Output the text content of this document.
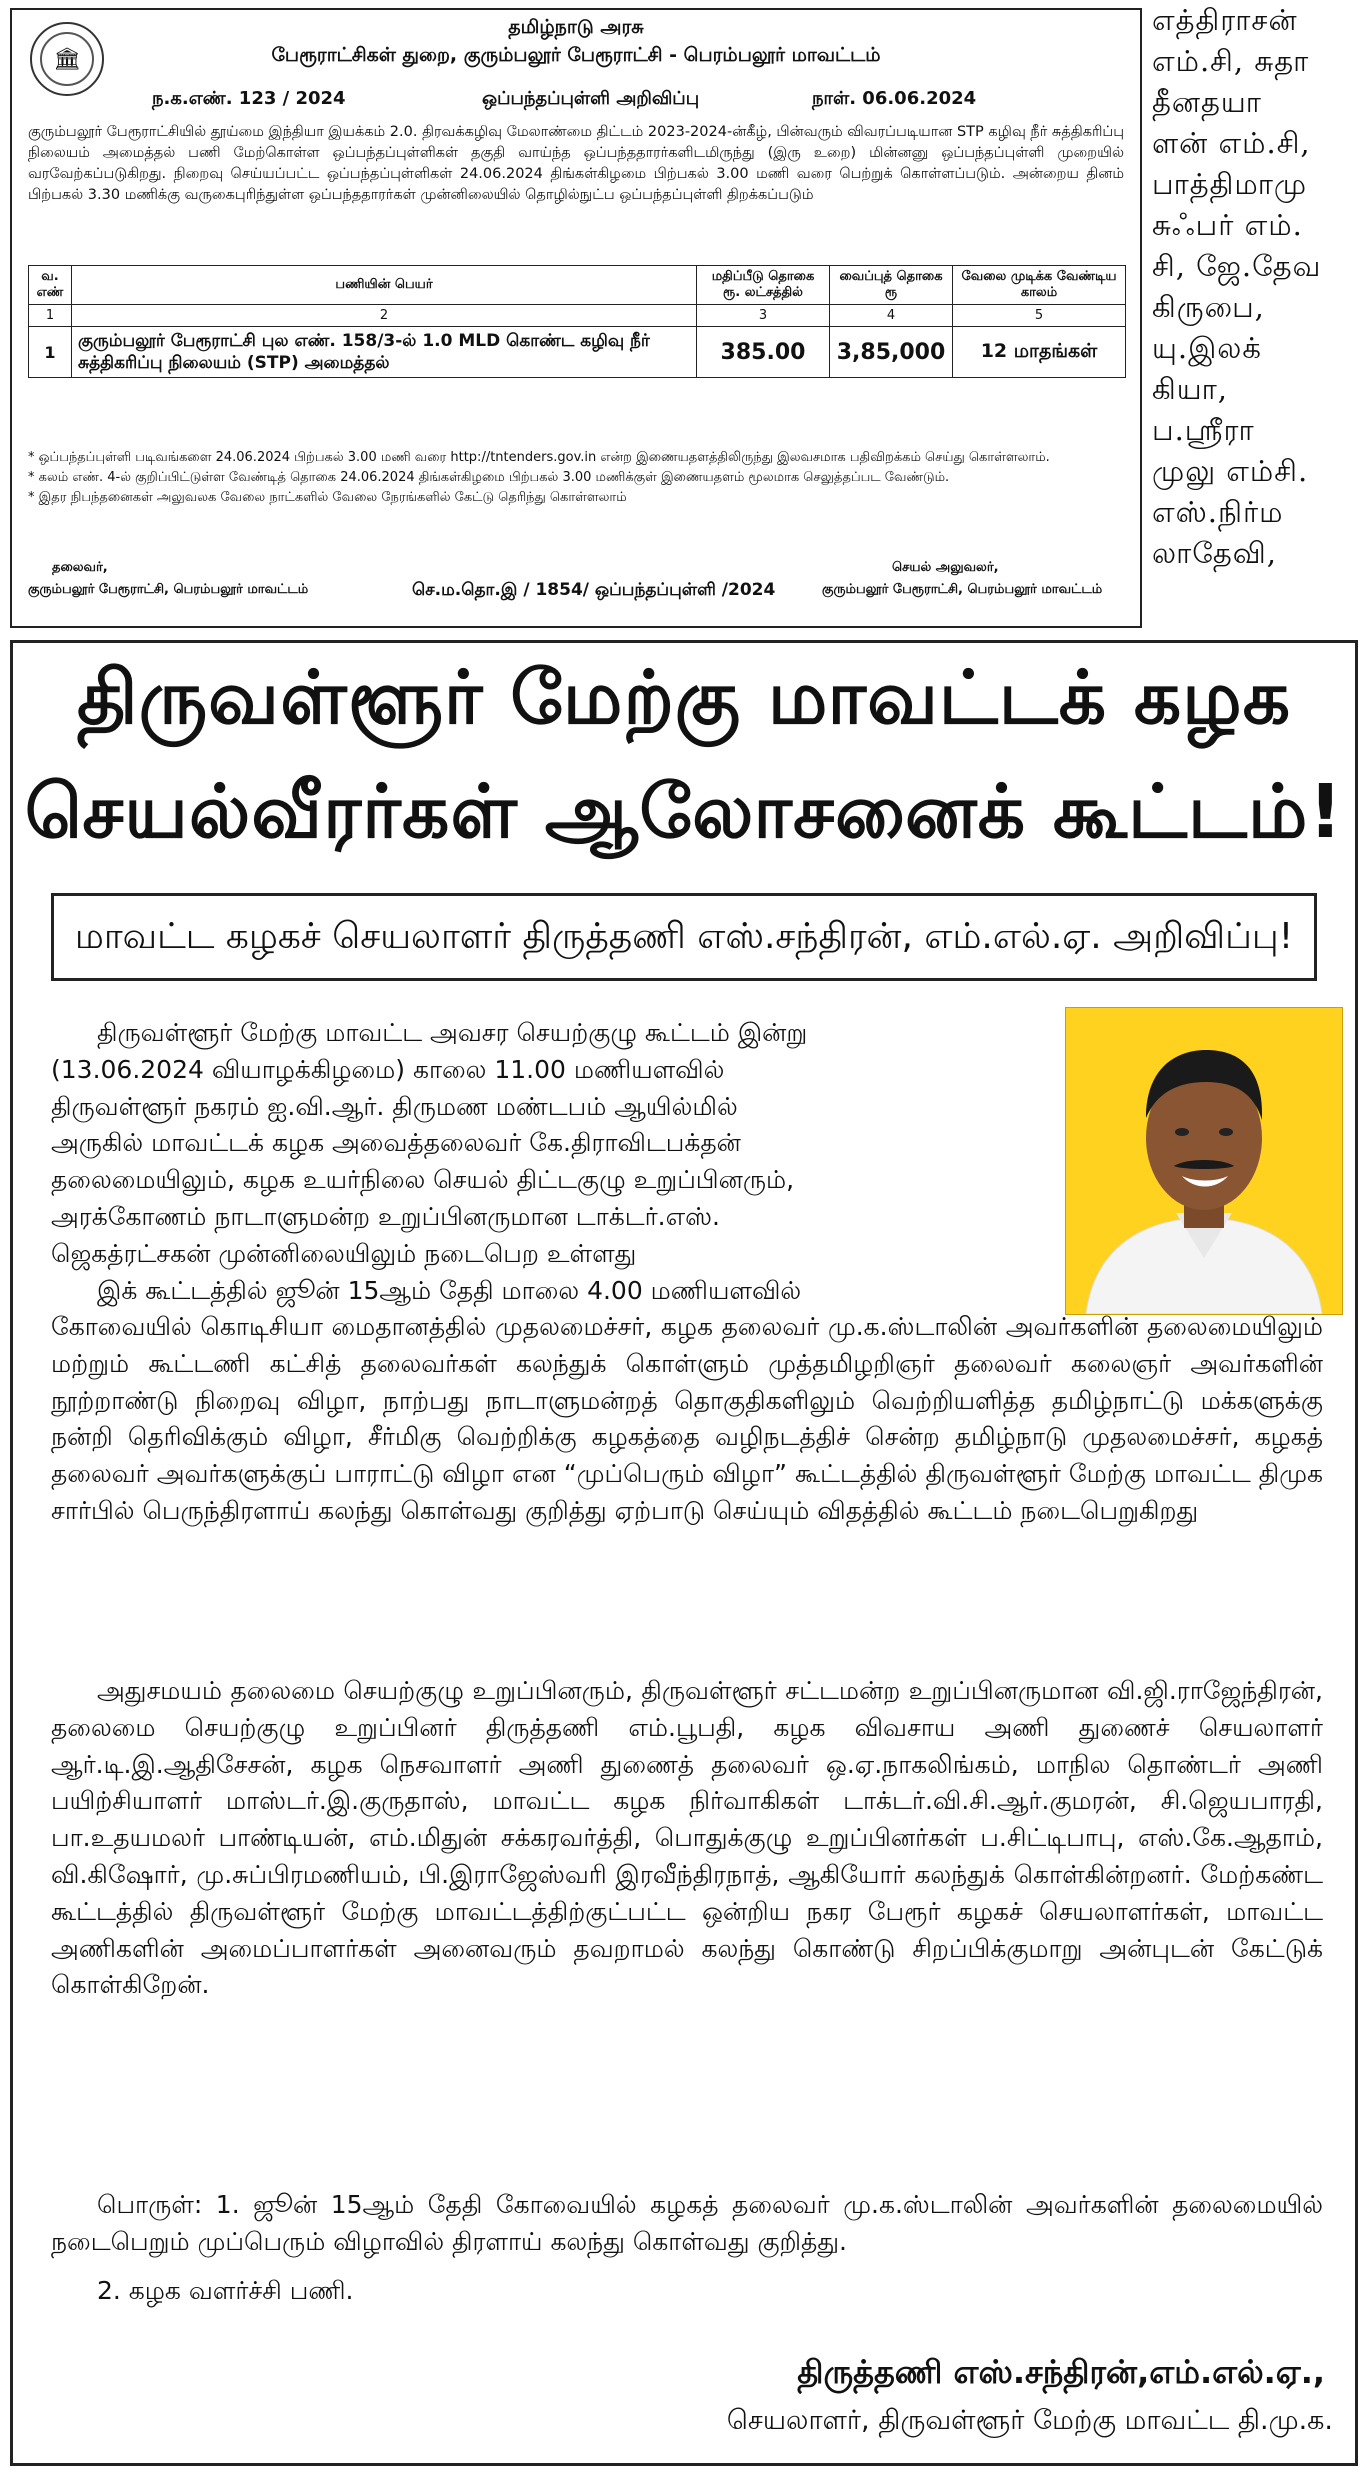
🏛
தமிழ்நாடு அரசு
பேரூராட்சிகள் துறை, குரும்பலூர் பேரூராட்சி - பெரம்பலூர் மாவட்டம்
ந.க.எண். 123 / 2024	ஒப்பந்தப்புள்ளி அறிவிப்பு	நாள். 06.06.2024
குரும்பலூர் பேரூராட்சியில் தூய்மை இந்தியா இயக்கம் 2.0. திரவக்கழிவு மேலாண்மை திட்டம் 2023-2024-ன்கீழ், பின்வரும் விவரப்படியான STP கழிவு நீர் சுத்திகரிப்பு நிலையம் அமைத்தல் பணி மேற்கொள்ள ஒப்பந்தப்புள்ளிகள் தகுதி வாய்ந்த ஒப்பந்ததாரர்களிடமிருந்து (இரு உறை) மின்னனு ஒப்பந்தப்புள்ளி முறையில் வரவேற்கப்படுகிறது. நிறைவு செய்யப்பட்ட ஒப்பந்தப்புள்ளிகள் 24.06.2024 திங்கள்கிழமை பிற்பகல் 3.00 மணி வரை பெற்றுக் கொள்ளப்படும். அன்றைய தினம் பிற்பகல் 3.30 மணிக்கு வருகைபுரிந்துள்ள ஒப்பந்ததாரர்கள் முன்னிலையில் தொழில்நுட்ப ஒப்பந்தப்புள்ளி திறக்கப்படும்
வ. எண்	பணியின் பெயர்	மதிப்பீடு தொகை ரூ. லட்சத்தில்	வைப்புத் தொகை ரூ	வேலை முடிக்க வேண்டிய காலம்
1	2	3	4	5
1	குரும்பலூர் பேரூராட்சி புல எண். 158/3-ல் 1.0 MLD கொண்ட கழிவு நீர் சுத்திகரிப்பு நிலையம் (STP) அமைத்தல்	385.00	3,85,000	12 மாதங்கள்
* ஒப்பந்தப்புள்ளி படிவங்களை 24.06.2024 பிற்பகல் 3.00 மணி வரை http://tntenders.gov.in என்ற இணையதளத்திலிருந்து இலவசமாக பதிவிறக்கம் செய்து கொள்ளலாம்.
* கலம் எண். 4-ல் குறிப்பிட்டுள்ள வேண்டித் தொகை 24.06.2024 திங்கள்கிழமை பிற்பகல் 3.00 மணிக்குள் இணையதளம் மூலமாக செலுத்தப்பட வேண்டும்.
* இதர நிபந்தனைகள் அலுவலக வேலை நாட்களில் வேலை நேரங்களில் கேட்டு தெரிந்து கொள்ளலாம்
தலைவர்,
குரும்பலூர் பேரூராட்சி, பெரம்பலூர் மாவட்டம்	செ.ம.தொ.இ / 1854/ ஒப்பந்தப்புள்ளி /2024
செயல் அலுவலர்,
குரும்பலூர் பேரூராட்சி, பெரம்பலூர் மாவட்டம்
எத்திராசன்
எம்.சி, சுதா
தீனதயா
ளன் எம்.சி,
பாத்திமாமு
சுஃபர் எம்.
சி, ஜே.தேவ
கிருபை,
யு.இலக்
கியா,
ப.ஸ்ரீரா
முலு எம்சி.
எஸ்.நிர்ம
லாதேவி,
திருவள்ளூர் மேற்கு மாவட்டக் கழக
செயல்வீரர்கள் ஆலோசனைக் கூட்டம்!
மாவட்ட கழகச் செயலாளர் திருத்தணி எஸ்.சந்திரன், எம்.எல்.ஏ. அறிவிப்பு!
திருவள்ளூர் மேற்கு மாவட்ட அவசர செயற்குழு கூட்டம் இன்று
(13.06.2024 வியாழக்கிழமை) காலை 11.00 மணியளவில்
திருவள்ளூர் நகரம் ஐ.வி.ஆர். திருமண மண்டபம் ஆயில்மில்
அருகில் மாவட்டக் கழக அவைத்தலைவர் கே.திராவிடபக்தன்
தலைமையிலும், கழக உயர்நிலை செயல் திட்டகுழு உறுப்பினரும்,
அரக்கோணம் நாடாளுமன்ற உறுப்பினருமான டாக்டர்.எஸ்.
ஜெகத்ரட்சகன் முன்னிலையிலும் நடைபெற உள்ளது
இக் கூட்டத்தில் ஜூன் 15ஆம் தேதி மாலை 4.00 மணியளவில்
கோவையில் கொடிசியா மைதானத்தில் முதலமைச்சர், கழக தலைவர் மு.க.ஸ்டாலின் அவர்களின் தலைமையிலும் மற்றும் கூட்டணி கட்சித் தலைவர்கள் கலந்துக் கொள்ளும் முத்தமிழறிஞர் தலைவர் கலைஞர் அவர்களின் நூற்றாண்டு நிறைவு விழா, நாற்பது நாடாளுமன்றத் தொகுதிகளிலும் வெற்றியளித்த தமிழ்நாட்டு மக்களுக்கு நன்றி தெரிவிக்கும் விழா, சீர்மிகு வெற்றிக்கு கழகத்தை வழிநடத்திச் சென்ற தமிழ்நாடு முதலமைச்சர், கழகத் தலைவர் அவர்களுக்குப் பாராட்டு விழா என “முப்பெரும் விழா” கூட்டத்தில் திருவள்ளூர் மேற்கு மாவட்ட திமுக சார்பில் பெருந்திரளாய் கலந்து கொள்வது குறித்து ஏற்பாடு செய்யும் விதத்தில் கூட்டம் நடைபெறுகிறது
அதுசமயம் தலைமை செயற்குழு உறுப்பினரும், திருவள்ளூர் சட்டமன்ற உறுப்பினருமான வி.ஜி.ராஜேந்திரன், தலைமை செயற்குழு உறுப்பினர் திருத்தணி எம்.பூபதி, கழக விவசாய அணி துணைச் செயலாளர் ஆர்.டி.இ.ஆதிசேசன், கழக நெசவாளர் அணி துணைத் தலைவர் ஒ.ஏ.நாகலிங்கம், மாநில தொண்டர் அணி பயிற்சியாளர் மாஸ்டர்.இ.குருதாஸ், மாவட்ட கழக நிர்வாகிகள் டாக்டர்.வி.சி.ஆர்.குமரன், சி.ஜெயபாரதி, பா.உதயமலர் பாண்டியன், எம்.மிதுன் சக்கரவர்த்தி, பொதுக்குழு உறுப்பினர்கள் ப.சிட்டிபாபு, எஸ்.கே.ஆதாம், வி.கிஷோர், மு.சுப்பிரமணியம், பி.இராஜேஸ்வரி இரவீந்திரநாத், ஆகியோர் கலந்துக் கொள்கின்றனர். மேற்கண்ட கூட்டத்தில் திருவள்ளூர் மேற்கு மாவட்டத்திற்குட்பட்ட ஒன்றிய நகர பேரூர் கழகச் செயலாளர்கள், மாவட்ட அணிகளின் அமைப்பாளர்கள் அனைவரும் தவறாமல் கலந்து கொண்டு சிறப்பிக்குமாறு அன்புடன் கேட்டுக் கொள்கிறேன்.
பொருள்: 1. ஜூன் 15ஆம் தேதி கோவையில் கழகத் தலைவர் மு.க.ஸ்டாலின் அவர்களின் தலைமையில் நடைபெறும் முப்பெரும் விழாவில் திரளாய் கலந்து கொள்வது குறித்து.
2. கழக வளர்ச்சி பணி.
திருத்தணி எஸ்.சந்திரன்,எம்.எல்.ஏ.,
செயலாளர், திருவள்ளூர் மேற்கு மாவட்ட தி.மு.க.
